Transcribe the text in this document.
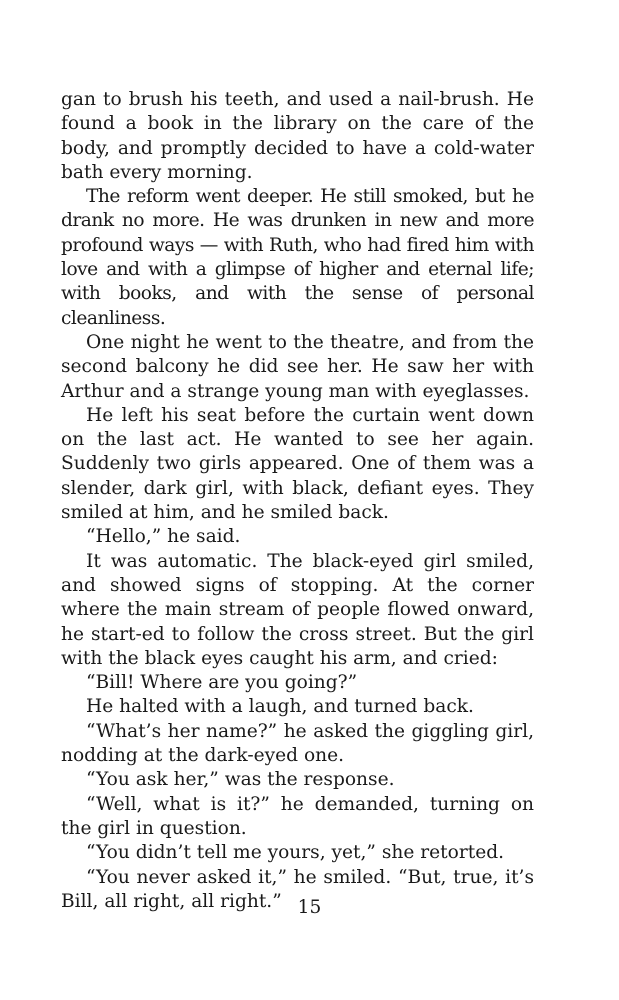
gan to brush his teeth, and used a nail-brush. He found a book in the library on the care of the body, and promptly decided to have a cold-water bath every morning.

The reform went deeper. He still smoked, but he drank no more. He was drunken in new and more profound ways — with Ruth, who had fired him with love and with a glimpse of higher and eternal life; with books, and with the sense of personal cleanliness.

One night he went to the theatre, and from the second balcony he did see her. He saw her with Arthur and a strange young man with eyeglasses.

He left his seat before the curtain went down on the last act. He wanted to see her again. Suddenly two girls appeared. One of them was a slender, dark girl, with black, defiant eyes. They smiled at him, and he smiled back.

“Hello,” he said.

It was automatic. The black-eyed girl smiled, and showed signs of stopping. At the corner where the main stream of people flowed onward, he start-ed to follow the cross street. But the girl with the black eyes caught his arm, and cried:

“Bill! Where are you going?”

He halted with a laugh, and turned back.

“What’s her name?” he asked the giggling girl, nodding at the dark-eyed one.

“You ask her,” was the response.

“Well, what is it?” he demanded, turning on the girl in question.

“You didn’t tell me yours, yet,” she retorted.

“You never asked it,” he smiled. “But, true, it’s Bill, all right, all right.” 15
